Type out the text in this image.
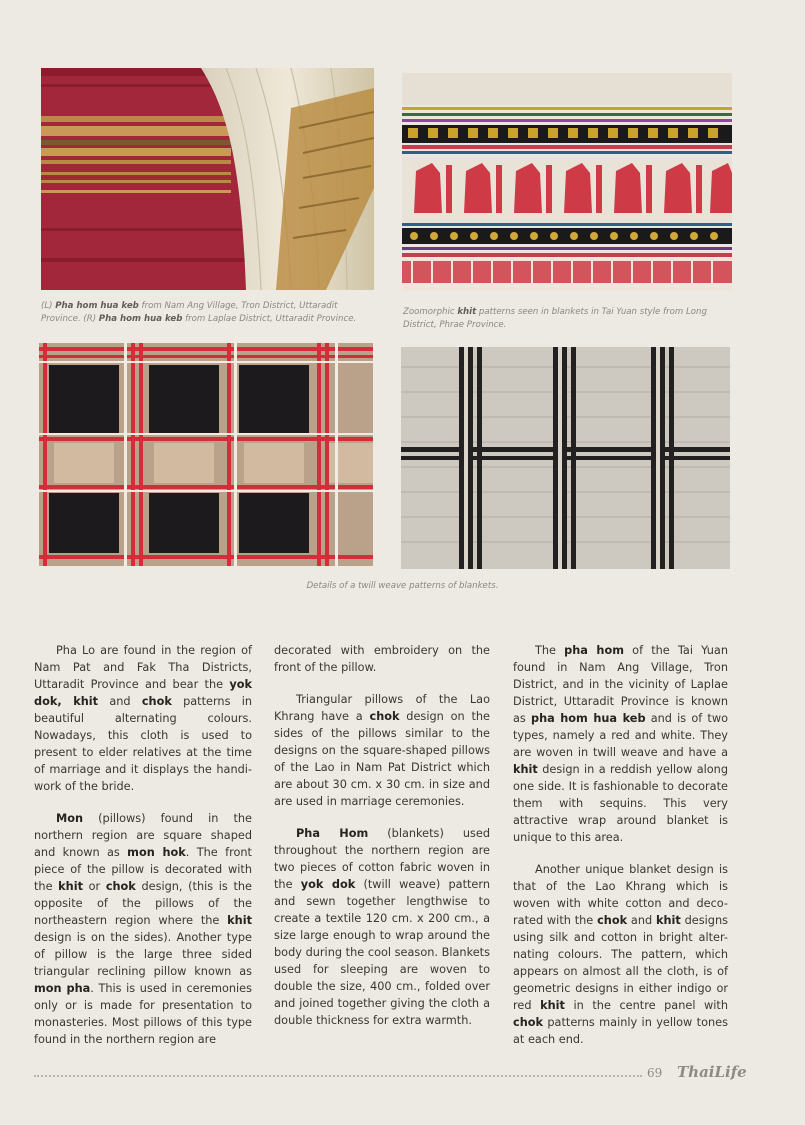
(L) Pha hom hua keb from Nam Ang Village, Tron District, Uttaradit Province. (R) Pha hom hua keb from Laplae District, Uttaradit Province.
Zoomorphic khit patterns seen in blankets in Tai Yuan style from Long District, Phrae Province.
Details of a twill weave patterns of blankets.

Pha Lo are found in the region of Nam Pat and Fak Tha Districts, Uttaradit Province and bear the yok dok, khit and chok patterns in beautiful alternating colours. Nowadays, this cloth is used to present to elder relatives at the time of marriage and it displays the handi-work of the bride.

Mon (pillows) found in the northern region are square shaped and known as mon hok. The front piece of the pillow is decorated with the khit or chok design, (this is the opposite of the pillows of the northeastern region where the khit design is on the sides). Another type of pillow is the large three sided triangular reclining pillow known as mon pha. This is used in ceremonies only or is made for presentation to monasteries. Most pillows of this type found in the northern region are

decorated with embroidery on the front of the pillow.

Triangular pillows of the Lao Khrang have a chok design on the sides of the pillows similar to the designs on the square-shaped pillows of the Lao in Nam Pat District which are about 30 cm. x 30 cm. in size and are used in marriage ceremonies.

Pha Hom (blankets) used throughout the northern region are two pieces of cotton fabric woven in the yok dok (twill weave) pattern and sewn together lengthwise to create a textile 120 cm. x 200 cm., a size large enough to wrap around the body during the cool season. Blankets used for sleeping are woven to double the size, 400 cm., folded over and joined together giving the cloth a double thickness for extra warmth.

The pha hom of the Tai Yuan found in Nam Ang Village, Tron District, and in the vicinity of Laplae District, Uttaradit Province is known as pha hom hua keb and is of two types, namely a red and white. They are woven in twill weave and have a khit design in a reddish yellow along one side. It is fashionable to decorate them with sequins. This very attractive wrap around blanket is unique to this area.

Another unique blanket design is that of the Lao Khrang which is woven with white cotton and deco-rated with the chok and khit designs using silk and cotton in bright alter-nating colours. The pattern, which appears on almost all the cloth, is of geometric designs in either indigo or red khit in the centre panel with chok patterns mainly in yellow tones at each end.

69 ThaiLife
